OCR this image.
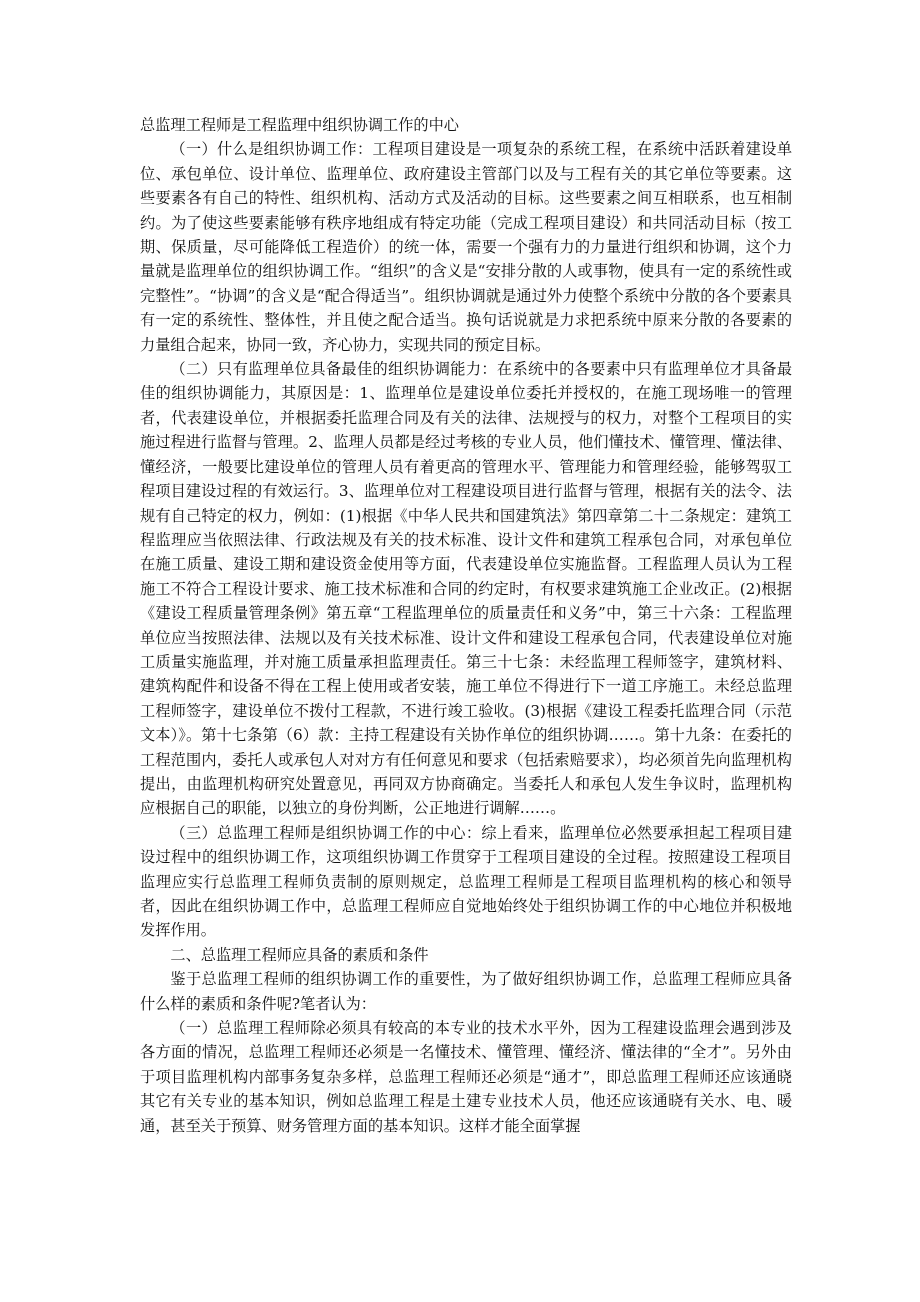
总监理工程师是工程监理中组织协调工作的中心

（一）什么是组织协调工作：工程项目建设是一项复杂的系统工程，在系统中活跃着建设单位、承包单位、设计单位、监理单位、政府建设主管部门以及与工程有关的其它单位等要素。这些要素各有自己的特性、组织机构、活动方式及活动的目标。这些要素之间互相联系，也互相制约。为了使这些要素能够有秩序地组成有特定功能（完成工程项目建设）和共同活动目标（按工期、保质量，尽可能降低工程造价）的统一体，需要一个强有力的力量进行组织和协调，这个力量就是监理单位的组织协调工作。“组织”的含义是“安排分散的人或事物，使具有一定的系统性或完整性”。“协调”的含义是“配合得适当”。组织协调就是通过外力使整个系统中分散的各个要素具有一定的系统性、整体性，并且使之配合适当。换句话说就是力求把系统中原来分散的各要素的力量组合起来，协同一致，齐心协力，实现共同的预定目标。

（二）只有监理单位具备最佳的组织协调能力：在系统中的各要素中只有监理单位才具备最佳的组织协调能力，其原因是：1、监理单位是建设单位委托并授权的，在施工现场唯一的管理者，代表建设单位，并根据委托监理合同及有关的法律、法规授与的权力，对整个工程项目的实施过程进行监督与管理。2、监理人员都是经过考核的专业人员，他们懂技术、懂管理、懂法律、懂经济，一般要比建设单位的管理人员有着更高的管理水平、管理能力和管理经验，能够驾驭工程项目建设过程的有效运行。3、监理单位对工程建设项目进行监督与管理，根据有关的法令、法规有自己特定的权力，例如：(1)根据《中华人民共和国建筑法》第四章第二十二条规定：建筑工程监理应当依照法律、行政法规及有关的技术标准、设计文件和建筑工程承包合同，对承包单位在施工质量、建设工期和建设资金使用等方面，代表建设单位实施监督。工程监理人员认为工程施工不符合工程设计要求、施工技术标准和合同的约定时，有权要求建筑施工企业改正。(2)根据《建设工程质量管理条例》第五章“工程监理单位的质量责任和义务”中，第三十六条：工程监理单位应当按照法律、法规以及有关技术标准、设计文件和建设工程承包合同，代表建设单位对施工质量实施监理，并对施工质量承担监理责任。第三十七条：未经监理工程师签字，建筑材料、建筑构配件和设备不得在工程上使用或者安装，施工单位不得进行下一道工序施工。未经总监理工程师签字，建设单位不拨付工程款，不进行竣工验收。(3)根据《建设工程委托监理合同（示范文本）》。第十七条第（6）款：主持工程建设有关协作单位的组织协调……。第十九条：在委托的工程范围内，委托人或承包人对对方有任何意见和要求（包括索赔要求），均必须首先向监理机构提出，由监理机构研究处置意见，再同双方协商确定。当委托人和承包人发生争议时，监理机构应根据自己的职能，以独立的身份判断，公正地进行调解……。

（三）总监理工程师是组织协调工作的中心：综上看来，监理单位必然要承担起工程项目建设过程中的组织协调工作，这项组织协调工作贯穿于工程项目建设的全过程。按照建设工程项目监理应实行总监理工程师负责制的原则规定，总监理工程师是工程项目监理机构的核心和领导者，因此在组织协调工作中，总监理工程师应自觉地始终处于组织协调工作的中心地位并积极地发挥作用。

二、总监理工程师应具备的素质和条件

鉴于总监理工程师的组织协调工作的重要性，为了做好组织协调工作，总监理工程师应具备什么样的素质和条件呢?笔者认为：

（一）总监理工程师除必须具有较高的本专业的技术水平外，因为工程建设监理会遇到涉及各方面的情况，总监理工程师还必须是一名懂技术、懂管理、懂经济、懂法律的“全才”。另外由于项目监理机构内部事务复杂多样，总监理工程师还必须是“通才”，即总监理工程师还应该通晓其它有关专业的基本知识，例如总监理工程是土建专业技术人员，他还应该通晓有关水、电、暖通，甚至关于预算、财务管理方面的基本知识。这样才能全面掌握
